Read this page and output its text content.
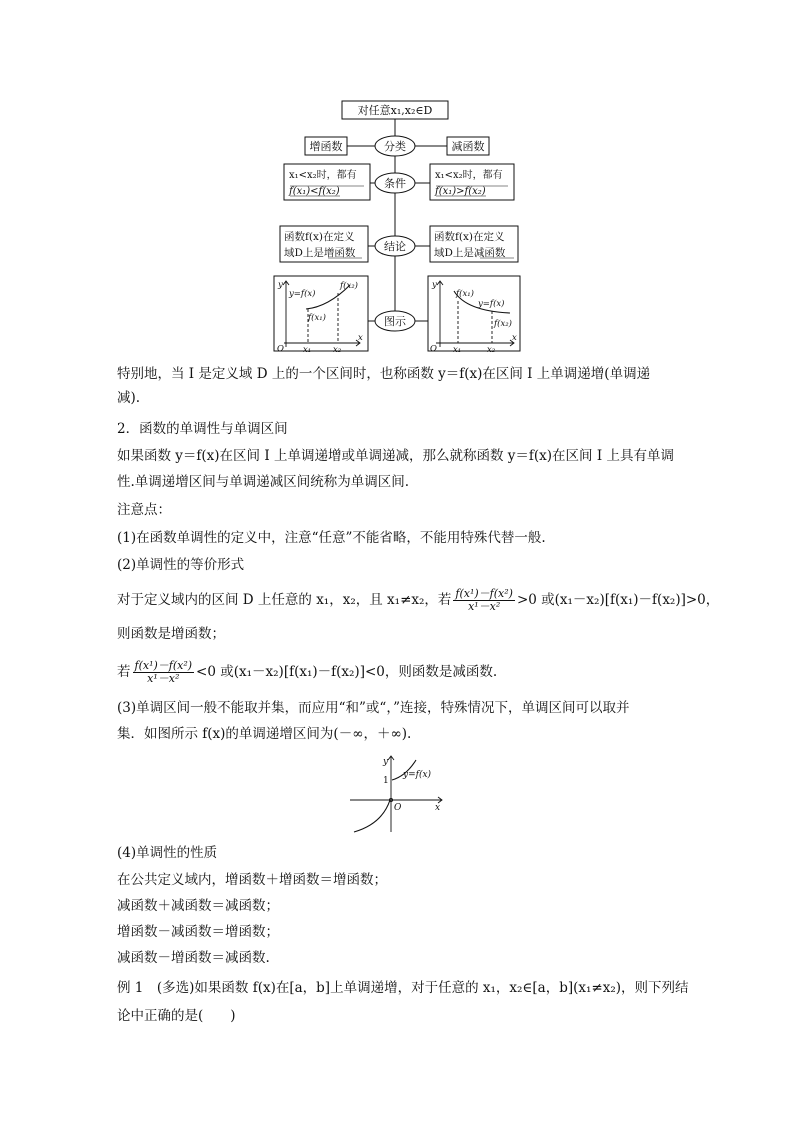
对任意x₁,x₂∈D
分类
条件
结论
图示
增函数	减函数
x₁<x₂时，都有
f(x₁)<f(x₂)
x₁<x₂时，都有
f(x₁)>f(x₂)
函数f(x)在定义
域D上是增函数
函数f(x)在定义
域D上是减函数
y
x
O
y=f(x)
f(x₁)
f(x₂)
x₁	x₂
y
x
O
y=f(x)
f(x₁)
f(x₂)
x₁	x₂
特别地，当 I 是定义域 D 上的一个区间时，也称函数 y＝f(x)在区间 I 上单调递增(单调递
减).
2．函数的单调性与单调区间
如果函数 y＝f(x)在区间 I 上单调递增或单调递减，那么就称函数 y＝f(x)在区间 I 上具有单调
性.单调递增区间与单调递减区间统称为单调区间.
注意点：
(1)在函数单调性的定义中，注意“任意”不能省略，不能用特殊代替一般.
(2)单调性的等价形式
对于定义域内的区间 D 上任意的 x₁，x₂，且 x₁≠x₂，若 $\frac{\text{f(x¹)－f(x²)}}{\text{x¹－x²}} >0$ 或(x₁－x₂)[f(x₁)－f(x₂)]>0，
则函数是增函数；
若 $\frac{\text{f(x¹)－f(x²)}}{\text{x¹－x²}} <0$ 或(x₁－x₂)[f(x₁)－f(x₂)]<0，则函数是减函数.
(3)单调区间一般不能取并集，而应用“和”或“，”连接，特殊情况下，单调区间可以取并
集．如图所示 f(x)的单调递增区间为(－∞，＋∞).
y
x
O
1
y=f(x)
(4)单调性的性质
在公共定义域内，增函数＋增函数＝增函数；
减函数＋减函数＝减函数；
增函数－减函数＝增函数；
减函数－增函数＝减函数.
例 1　(多选)如果函数 f(x)在[a，b]上单调递增，对于任意的 x₁，x₂∈[a，b](x₁≠x₂)，则下列结
论中正确的是(　　)
